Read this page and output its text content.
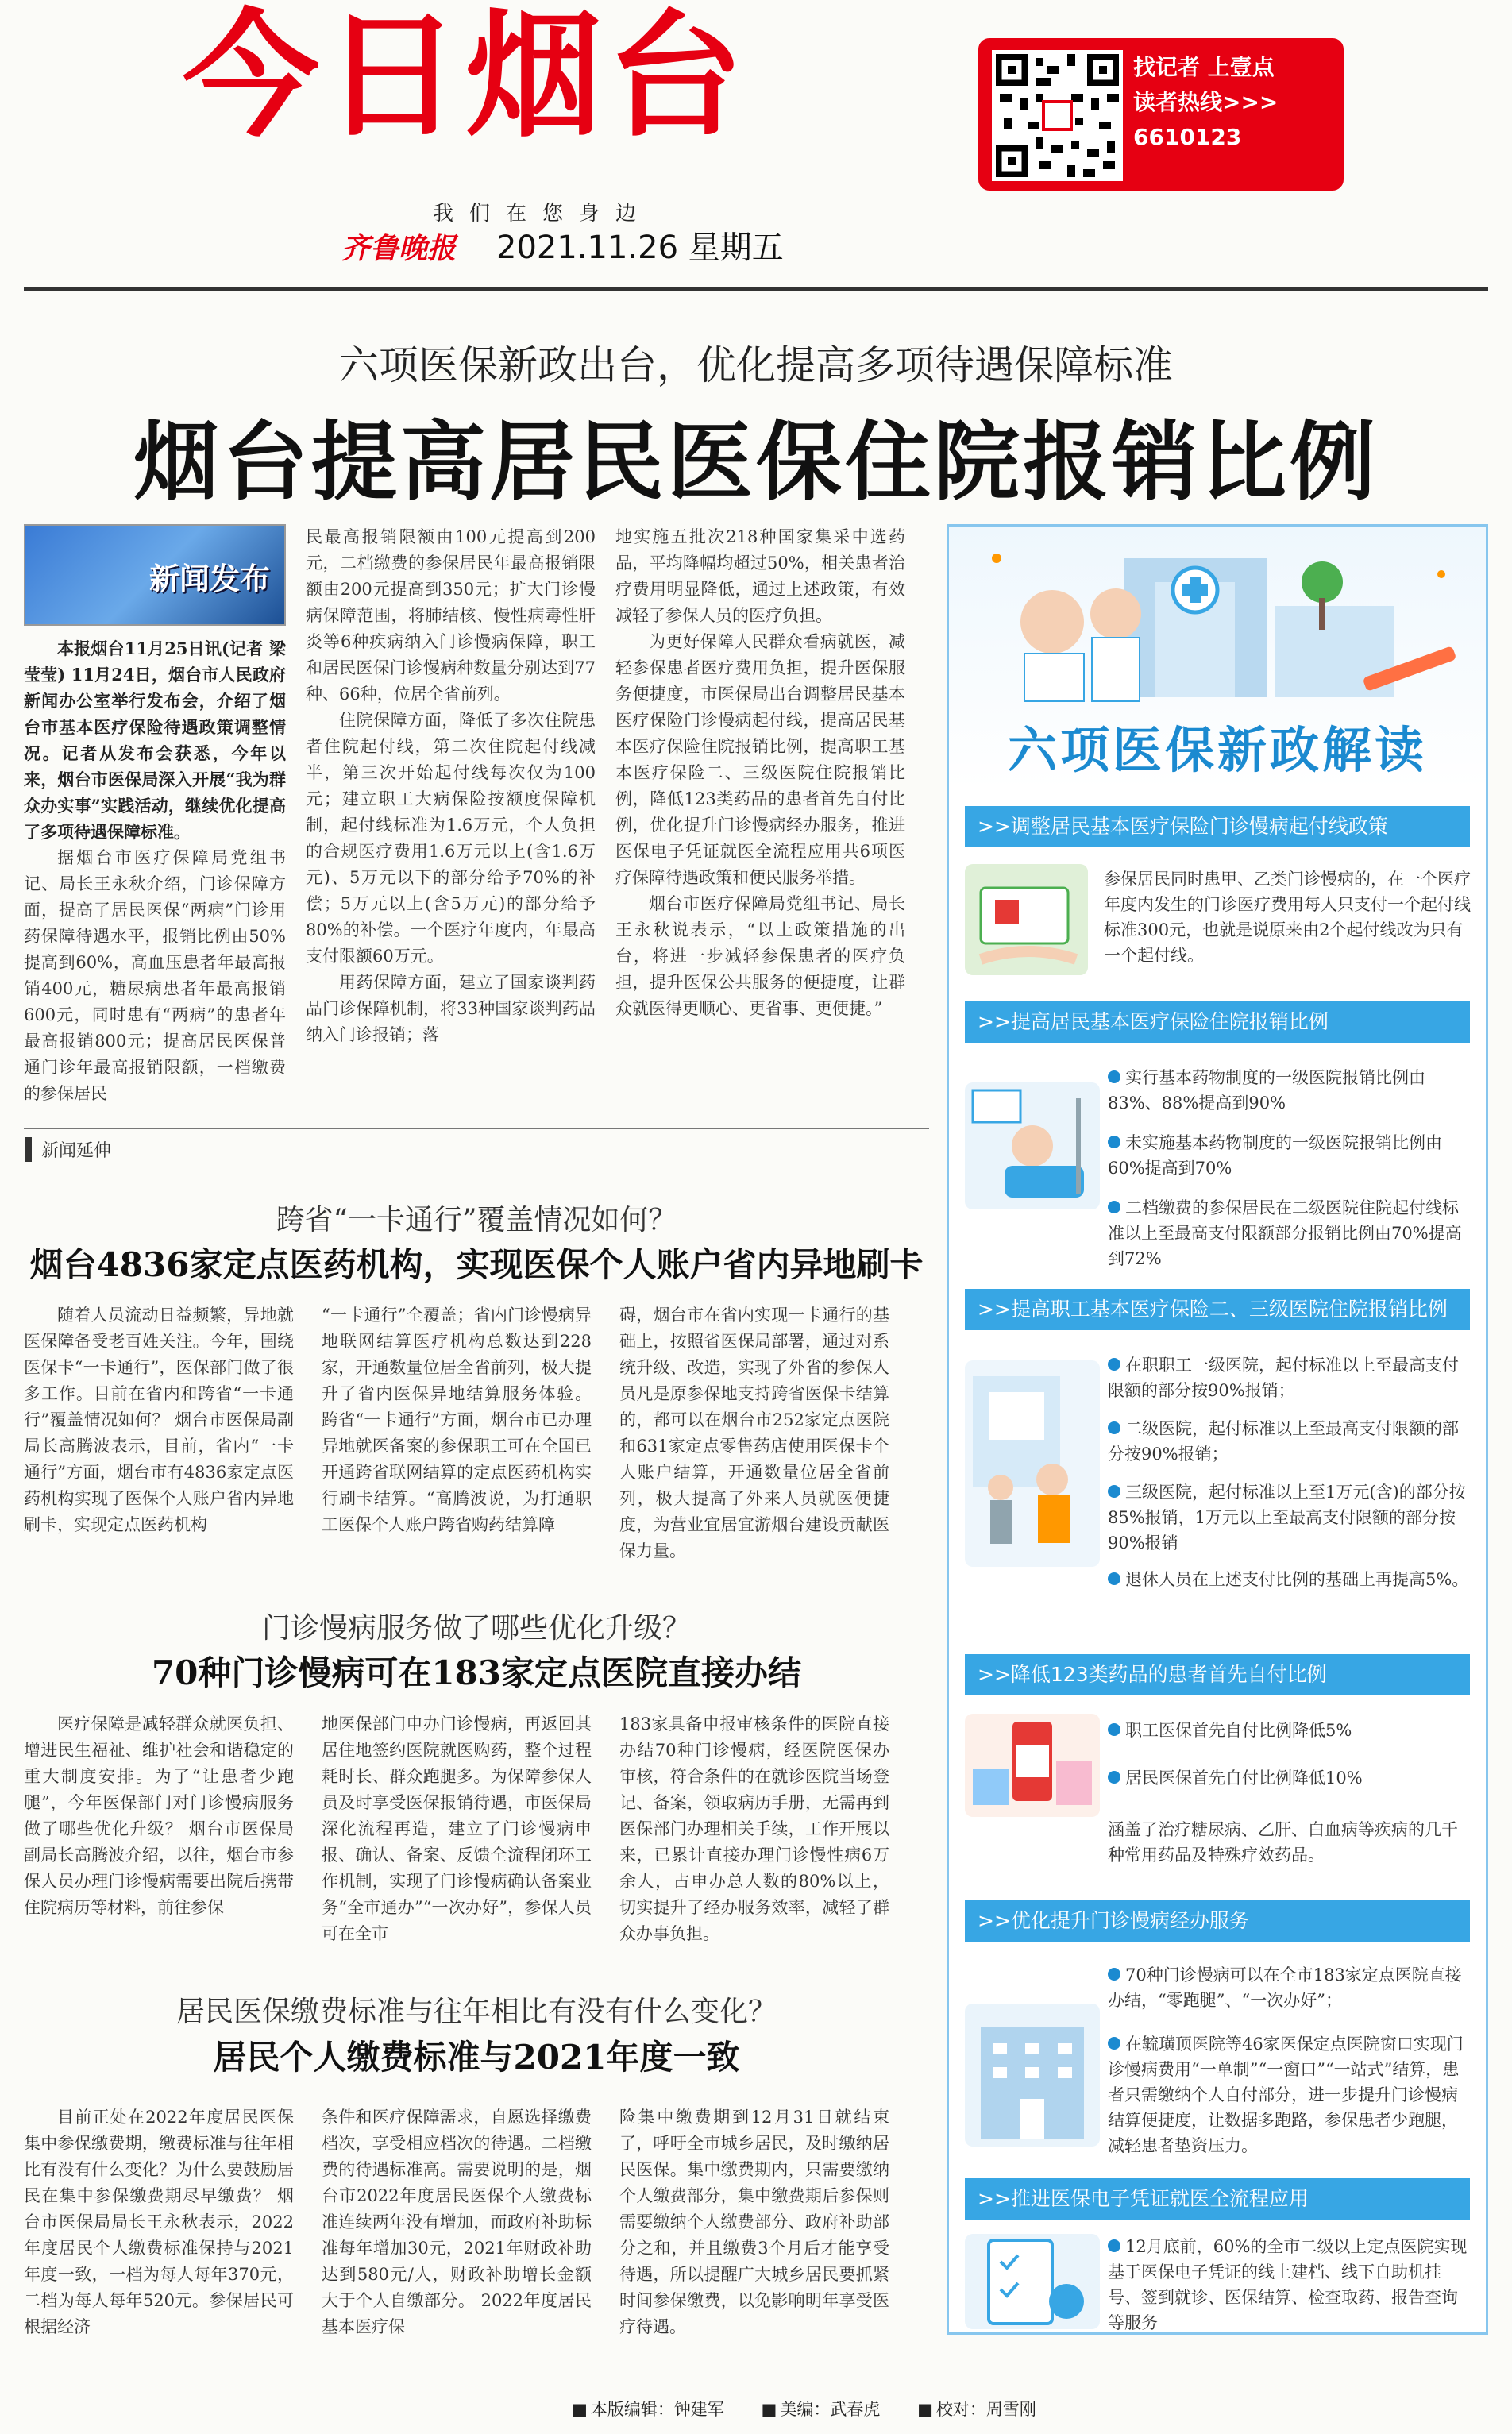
今日烟台
我们在您身边
齐鲁晚报 2021.11.26 星期五
找记者 上壹点
读者热线>>>
6610123
六项医保新政出台，优化提高多项待遇保障标准
烟台提高居民医保住院报销比例
新闻发布

本报烟台11月25日讯(记者 梁莹莹) 11月24日，烟台市人民政府新闻办公室举行发布会，介绍了烟台市基本医疗保险待遇政策调整情况。记者从发布会获悉，今年以来，烟台市医保局深入开展“我为群众办实事”实践活动，继续优化提高了多项待遇保障标准。

据烟台市医疗保障局党组书记、局长王永秋介绍，门诊保障方面，提高了居民医保“两病”门诊用药保障待遇水平，报销比例由50%提高到60%，高血压患者年最高报销400元，糖尿病患者年最高报销600元，同时患有“两病”的患者年最高报销800元；提高居民医保普通门诊年最高报销限额，一档缴费的参保居民

民最高报销限额由100元提高到200元，二档缴费的参保居民年最高报销限额由200元提高到350元；扩大门诊慢病保障范围，将肺结核、慢性病毒性肝炎等6种疾病纳入门诊慢病保障，职工和居民医保门诊慢病种数量分别达到77种、66种，位居全省前列。

住院保障方面，降低了多次住院患者住院起付线，第二次住院起付线减半，第三次开始起付线每次仅为100元；建立职工大病保险按额度保障机制，起付线标准为1.6万元，个人负担的合规医疗费用1.6万元以上(含1.6万元)、5万元以下的部分给予70%的补偿；5万元以上(含5万元)的部分给予80%的补偿。一个医疗年度内，年最高支付限额60万元。

用药保障方面，建立了国家谈判药品门诊保障机制，将33种国家谈判药品纳入门诊报销；落

地实施五批次218种国家集采中选药品，平均降幅均超过50%，相关患者治疗费用明显降低，通过上述政策，有效减轻了参保人员的医疗负担。

为更好保障人民群众看病就医，减轻参保患者医疗费用负担，提升医保服务便捷度，市医保局出台调整居民基本医疗保险门诊慢病起付线，提高居民基本医疗保险住院报销比例，提高职工基本医疗保险二、三级医院住院报销比例，降低123类药品的患者首先自付比例，优化提升门诊慢病经办服务，推进医保电子凭证就医全流程应用共6项医疗保障待遇政策和便民服务举措。

烟台市医疗保障局党组书记、局长王永秋说表示，“以上政策措施的出台，将进一步减轻参保患者的医疗负担，提升医保公共服务的便捷度，让群众就医得更顺心、更省事、更便捷。”

新闻延伸
跨省“一卡通行”覆盖情况如何？
烟台4836家定点医药机构，实现医保个人账户省内异地刷卡

随着人员流动日益频繁，异地就医保障备受老百姓关注。今年，围绕医保卡“一卡通行”，医保部门做了很多工作。目前在省内和跨省“一卡通行”覆盖情况如何？ 烟台市医保局副局长高腾波表示，目前，省内“一卡通行”方面，烟台市有4836家定点医药机构实现了医保个人账户省内异地刷卡，实现定点医药机构

“一卡通行”全覆盖；省内门诊慢病异地联网结算医疗机构总数达到228家，开通数量位居全省前列，极大提升了省内医保异地结算服务体验。 跨省“一卡通行”方面，烟台市已办理异地就医备案的参保职工可在全国已开通跨省联网结算的定点医药机构实行刷卡结算。“高腾波说，为打通职工医保个人账户跨省购药结算障

碍，烟台市在省内实现一卡通行的基础上，按照省医保局部署，通过对系统升级、改造，实现了外省的参保人员凡是原参保地支持跨省医保卡结算的，都可以在烟台市252家定点医院和631家定点零售药店使用医保卡个人账户结算，开通数量位居全省前列，极大提高了外来人员就医便捷度，为营业宜居宜游烟台建设贡献医保力量。

门诊慢病服务做了哪些优化升级？
70种门诊慢病可在183家定点医院直接办结

医疗保障是减轻群众就医负担、增进民生福祉、维护社会和谐稳定的重大制度安排。为了“让患者少跑腿”，今年医保部门对门诊慢病服务做了哪些优化升级？ 烟台市医保局副局长高腾波介绍，以往，烟台市参保人员办理门诊慢病需要出院后携带住院病历等材料，前往参保

地医保部门申办门诊慢病，再返回其居住地签约医院就医购药，整个过程耗时长、群众跑腿多。为保障参保人员及时享受医保报销待遇，市医保局深化流程再造，建立了门诊慢病申报、确认、备案、反馈全流程闭环工作机制，实现了门诊慢病确认备案业务“全市通办”“一次办好”，参保人员可在全市

183家具备申报审核条件的医院直接办结70种门诊慢病，经医院医保办审核，符合条件的在就诊医院当场登记、备案，领取病历手册，无需再到医保部门办理相关手续，工作开展以来，已累计直接办理门诊慢性病6万余人，占申办总人数的80%以上，切实提升了经办服务效率，减轻了群众办事负担。

居民医保缴费标准与往年相比有没有什么变化？
居民个人缴费标准与2021年度一致

目前正处在2022年度居民医保集中参保缴费期，缴费标准与往年相比有没有什么变化？为什么要鼓励居民在集中参保缴费期尽早缴费？ 烟台市医保局局长王永秋表示，2022年度居民个人缴费标准保持与2021年度一致，一档为每人每年370元，二档为每人每年520元。参保居民可根据经济

条件和医疗保障需求，自愿选择缴费档次，享受相应档次的待遇。二档缴费的待遇标准高。需要说明的是，烟台市2022年度居民医保个人缴费标准连续两年没有增加，而政府补助标准每年增加30元，2021年财政补助达到580元/人，财政补助增长金额大于个人自缴部分。 2022年度居民基本医疗保

险集中缴费期到12月31日就结束了，呼吁全市城乡居民，及时缴纳居民医保。集中缴费期内，只需要缴纳个人缴费部分，集中缴费期后参保则需要缴纳个人缴费部分、政府补助部分之和，并且缴费3个月后才能享受待遇，所以提醒广大城乡居民要抓紧时间参保缴费，以免影响明年享受医疗待遇。

六项医保新政解读
>>调整居民基本医疗保险门诊慢病起付线政策
参保居民同时患甲、乙类门诊慢病的，在一个医疗年度内发生的门诊医疗费用每人只支付一个起付线标准300元，也就是说原来由2个起付线改为只有一个起付线。
>>提高居民基本医疗保险住院报销比例
实行基本药物制度的一级医院报销比例由83%、88%提高到90%
未实施基本药物制度的一级医院报销比例由60%提高到70%
二档缴费的参保居民在二级医院住院起付线标准以上至最高支付限额部分报销比例由70%提高到72%
>>提高职工基本医疗保险二、三级医院住院报销比例
在职职工一级医院，起付标准以上至最高支付限额的部分按90%报销；
二级医院，起付标准以上至最高支付限额的部分按90%报销；
三级医院，起付标准以上至1万元(含)的部分按85%报销，1万元以上至最高支付限额的部分按90%报销
退休人员在上述支付比例的基础上再提高5%。
>>降低123类药品的患者首先自付比例
职工医保首先自付比例降低5%
居民医保首先自付比例降低10%
涵盖了治疗糖尿病、乙肝、白血病等疾病的几千种常用药品及特殊疗效药品。
>>优化提升门诊慢病经办服务
70种门诊慢病可以在全市183家定点医院直接办结，“零跑腿”、“一次办好”；
在毓璜顶医院等46家医保定点医院窗口实现门诊慢病费用“一单制”“一窗口”“一站式”结算，患者只需缴纳个人自付部分，进一步提升门诊慢病结算便捷度，让数据多跑路，参保患者少跑腿，减轻患者垫资压力。
>>推进医保电子凭证就医全流程应用
12月底前，60%的全市二级以上定点医院实现基于医保电子凭证的线上建档、线下自助机挂号、签到就诊、医保结算、检查取药、报告查询等服务
■ 本版编辑：钟建军	■ 美编：武春虎	■ 校对：周雪刚
